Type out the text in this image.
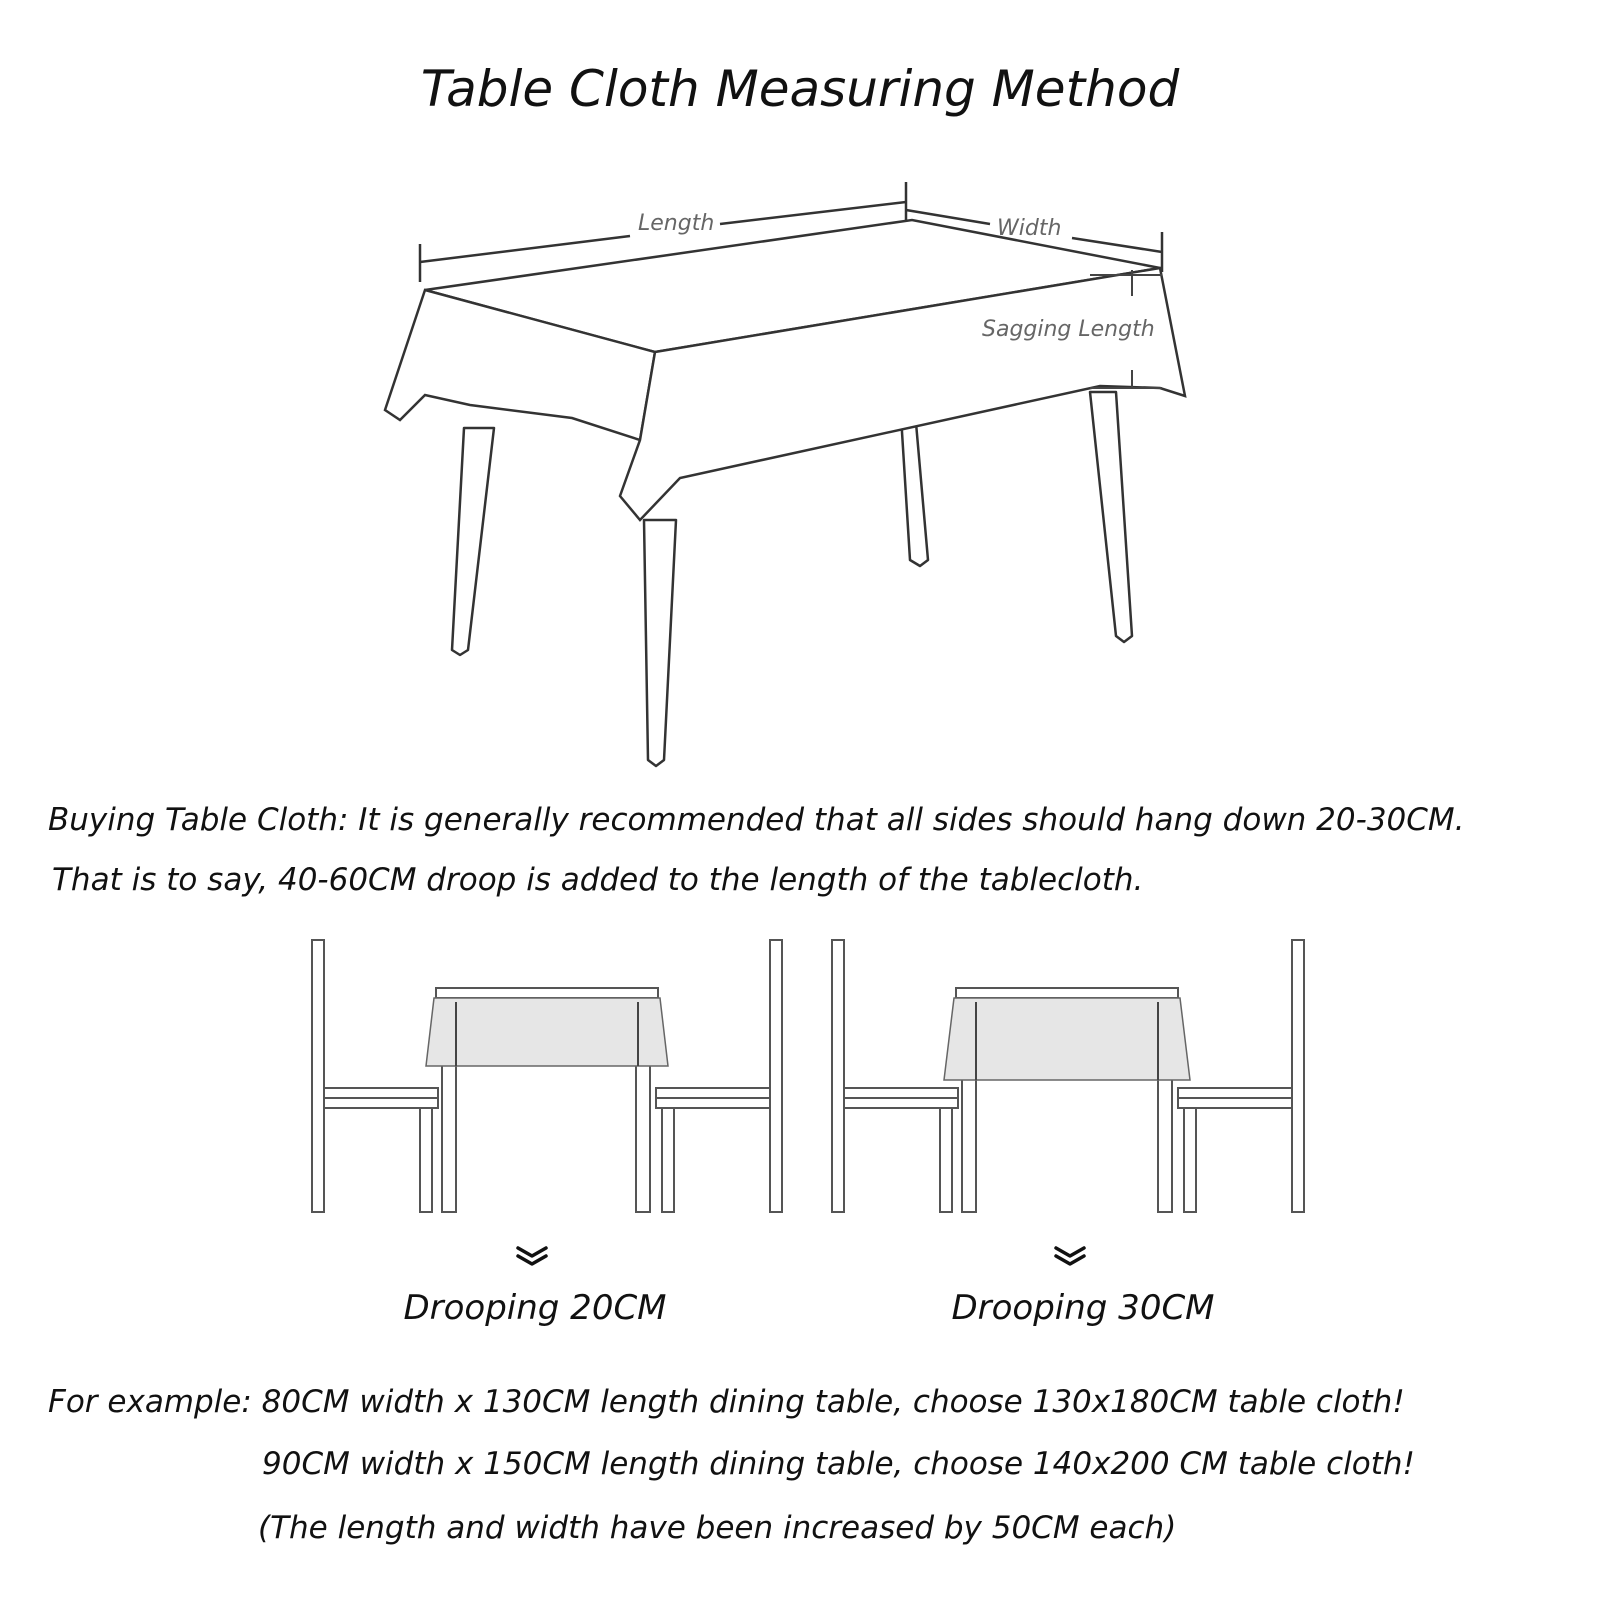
Table Cloth Measuring Method
Length	Width
Sagging Length
Buying Table Cloth: It is generally recommended that all sides should hang down 20-30CM.
That is to say, 40-60CM droop is added to the length of the tablecloth.
Drooping 20CM	Drooping 30CM
For example: 80CM width x 130CM length dining table, choose 130x180CM table cloth!
90CM width x 150CM length dining table, choose 140x200 CM table cloth!
(The length and width have been increased by 50CM each)
